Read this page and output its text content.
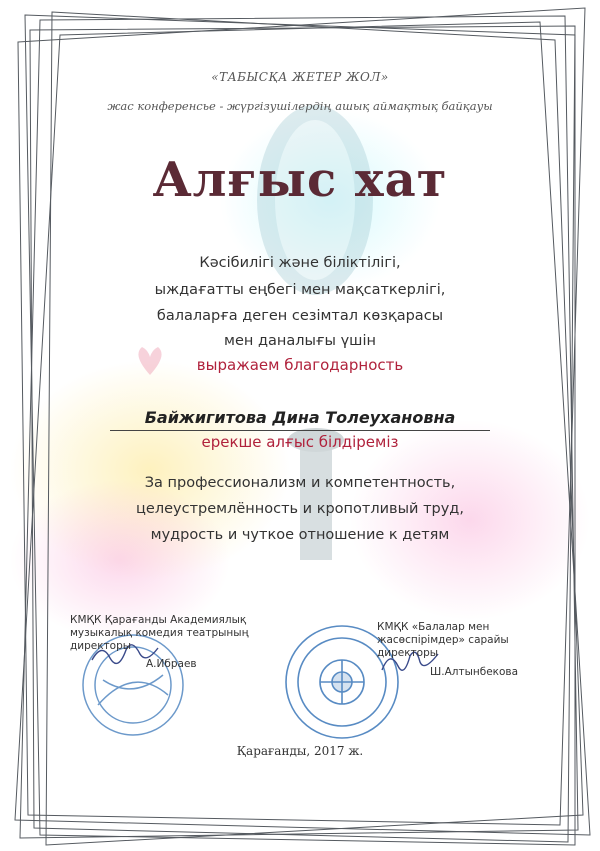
«ТАБЫСҚА ЖЕТЕР ЖОЛ»
жас конференсье - жүргізушілердің ашық аймақтық байқауы
Алғыс хат
Кәсібилігі және біліктілігі,
ыждағатты еңбегі мен мақсаткерлігі,
балаларға деген сезімтал көзқарасы
мен даналығы үшін
выражаем благодарность
Байжигитова Дина Толеухановна
ерекше алғыс білдіреміз
За профессионализм и компетентность,
целеустремлённость и кропотливый труд,
мудрость и чуткое отношение к детям
КМҚК Қарағанды Академиялық музыкалық комедия театрының директоры
А.Ибраев
КМҚК «Балалар мен жасөспірімдер» сарайы директоры
Ш.Алтынбекова
Қарағанды, 2017 ж.
